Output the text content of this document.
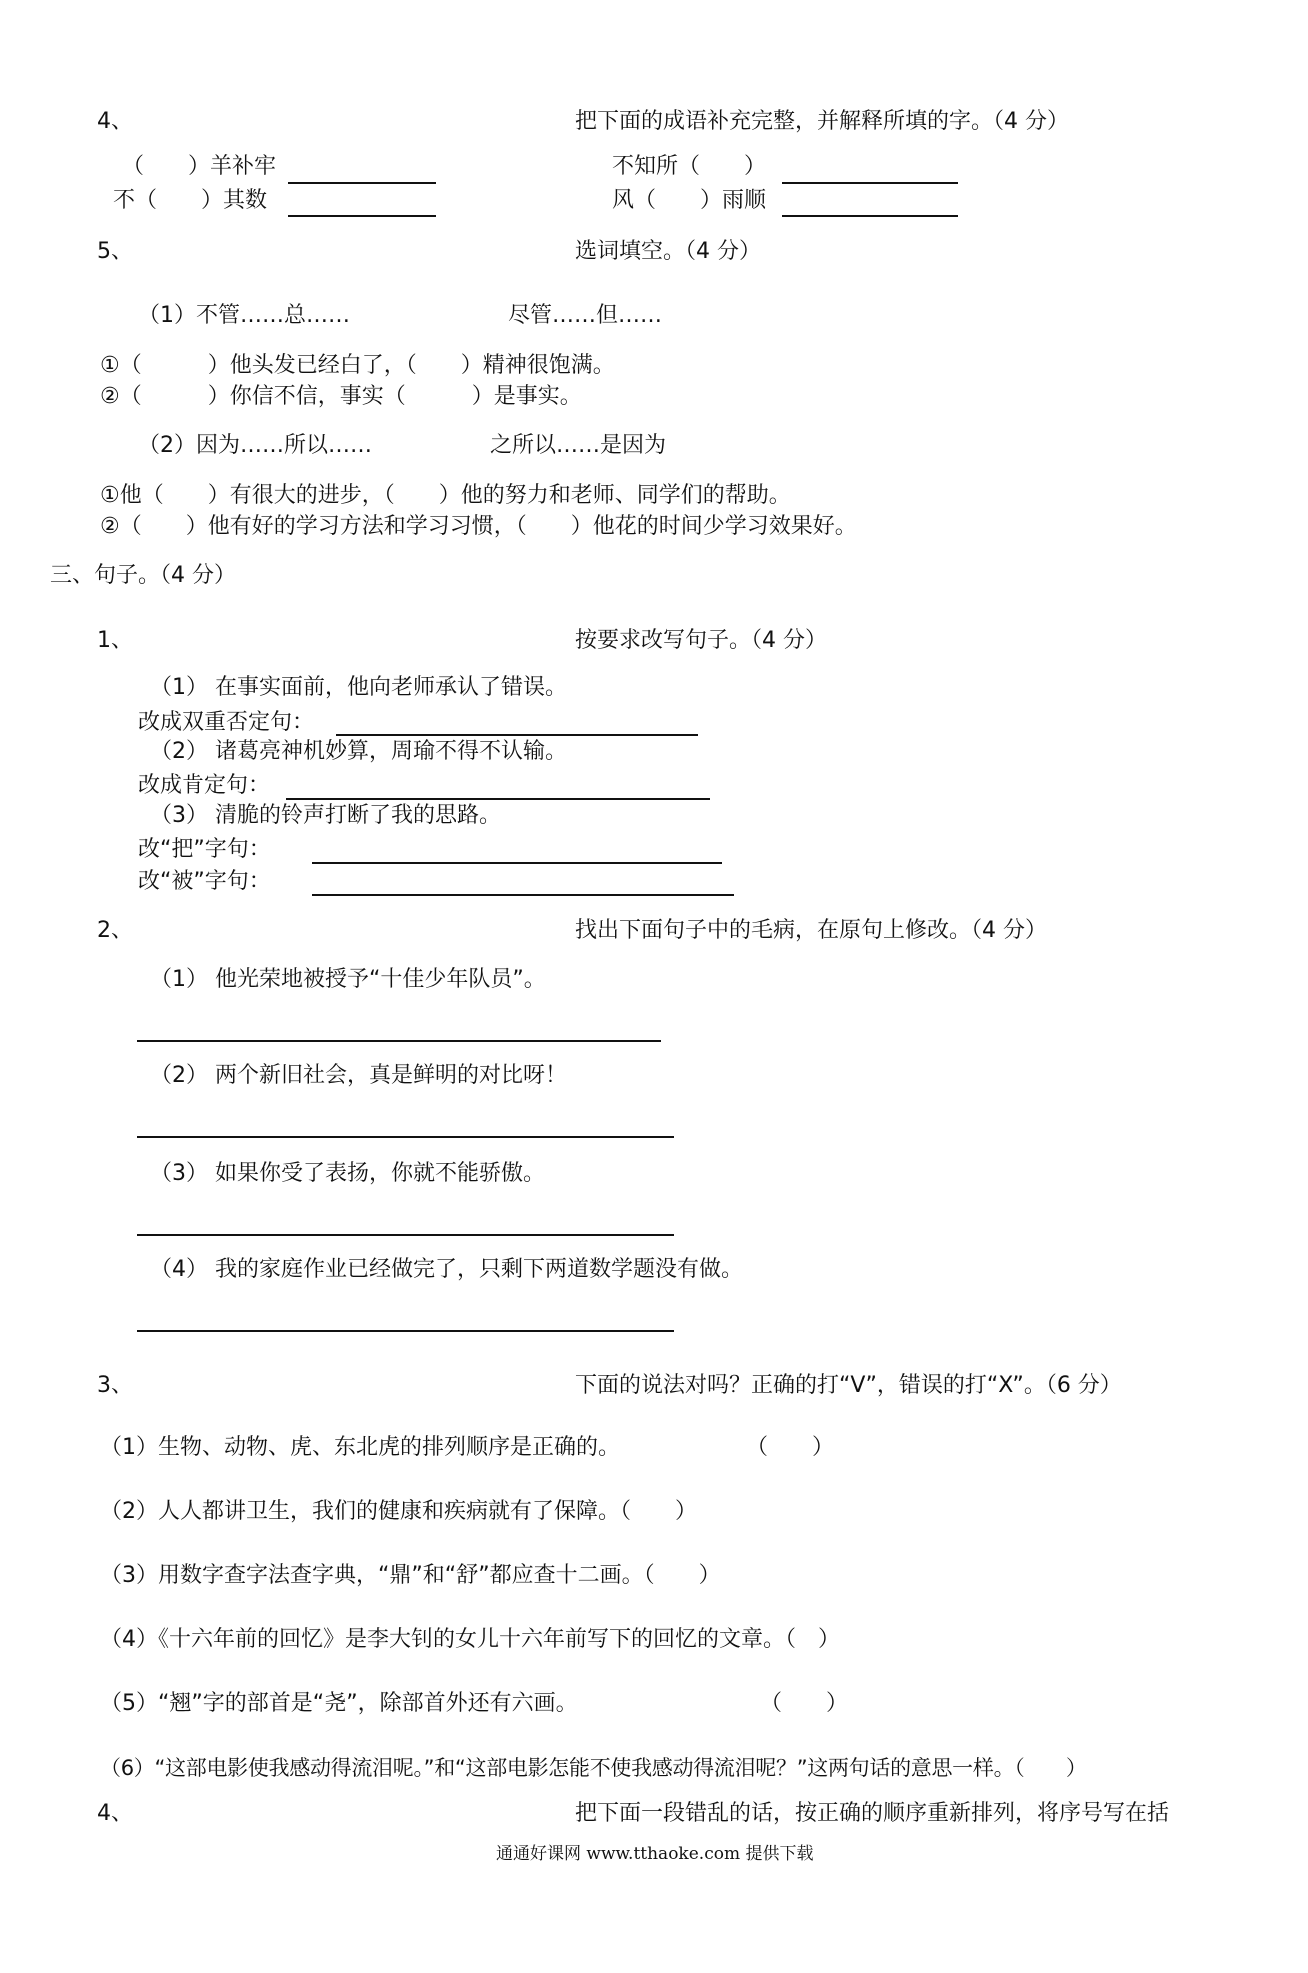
4、	把下面的成语补充完整，并解释所填的字。（4 分）
（　　）羊补牢	不知所（　　）
不（　　）其数	风（　　）雨顺
5、	选词填空。（4 分）
（1）不管……总……	尽管……但……
①（　　　）他头发已经白了，（　　）精神很饱满。
②（　　　）你信不信，事实（　　　）是事实。
（2）因为……所以……	之所以……是因为
①他（　　）有很大的进步，（　　）他的努力和老师、同学们的帮助。
②（　　）他有好的学习方法和学习习惯，（　　）他花的时间少学习效果好。
三、句子。（4 分）
1、	按要求改写句子。（4 分）
（1） 在事实面前，他向老师承认了错误。
改成双重否定句：
（2） 诸葛亮神机妙算，周瑜不得不认输。
改成肯定句：
（3） 清脆的铃声打断了我的思路。
改“把”字句：
改“被”字句：
2、	找出下面句子中的毛病，在原句上修改。（4 分）
（1） 他光荣地被授予“十佳少年队员”。
（2） 两个新旧社会，真是鲜明的对比呀！
（3） 如果你受了表扬，你就不能骄傲。
（4） 我的家庭作业已经做完了，只剩下两道数学题没有做。
3、	下面的说法对吗？正确的打“V”，错误的打“X”。（6 分）
（1）生物、动物、虎、东北虎的排列顺序是正确的。	（　　）
（2）人人都讲卫生，我们的健康和疾病就有了保障。（　　）
（3）用数字查字法查字典，“鼎”和“舒”都应查十二画。（　　）
（4）《十六年前的回忆》是李大钊的女儿十六年前写下的回忆的文章。（　）
（5）“翘”字的部首是“尧”，除部首外还有六画。	（　　）
（6）“这部电影使我感动得流泪呢。”和“这部电影怎能不使我感动得流泪呢？”这两句话的意思一样。（　　）
4、	把下面一段错乱的话，按正确的顺序重新排列，将序号写在括
通通好课网 www.tthaoke.com 提供下载
